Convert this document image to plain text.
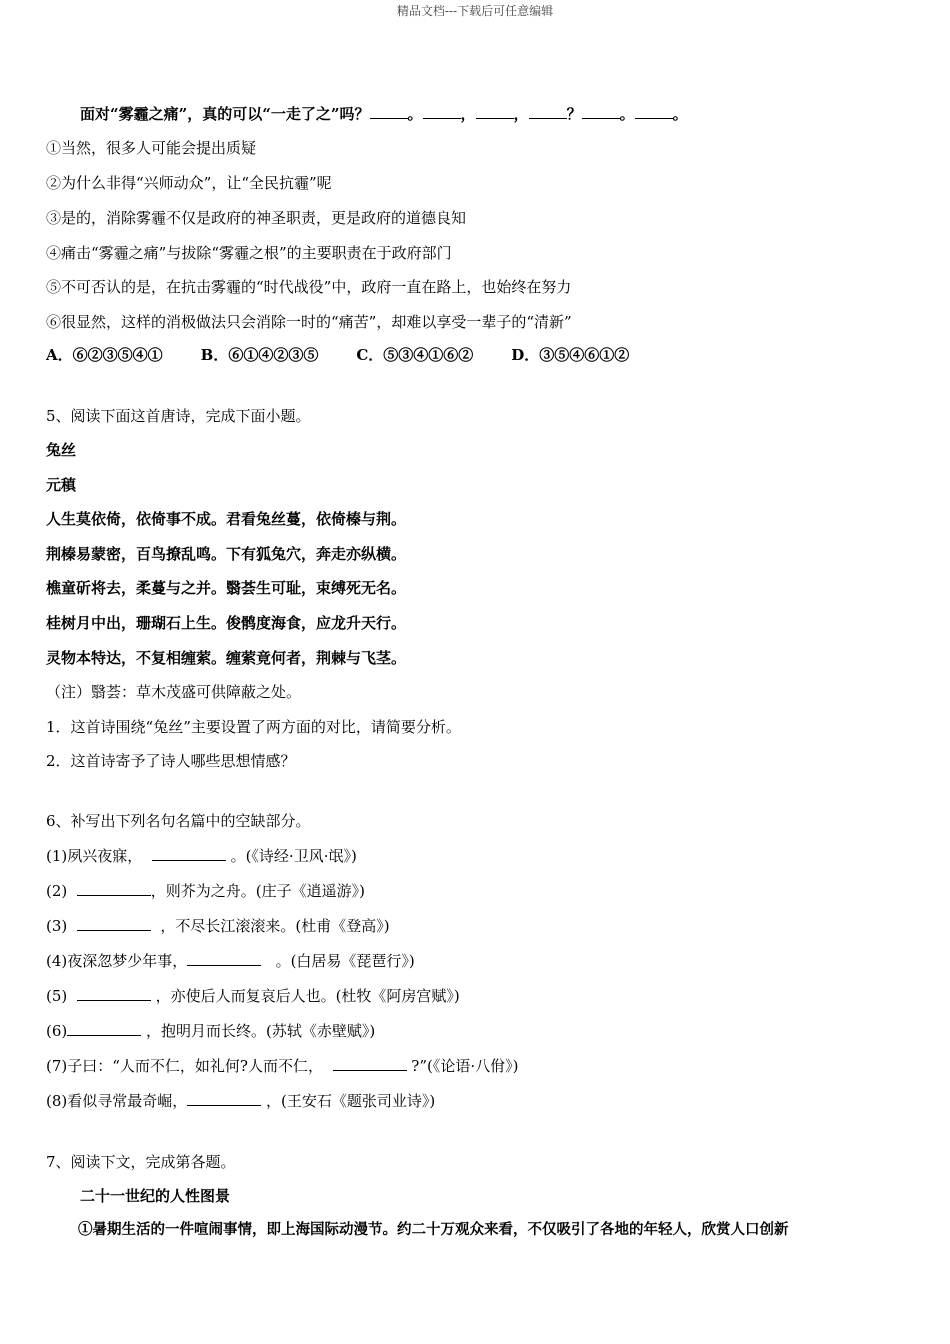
精品文档---下载后可任意编辑
面对“雾霾之痛”，真的可以“一走了之”吗？	。	，	，	？	。	。
①当然，很多人可能会提出质疑
②为什么非得“兴师动众”，让“全民抗霾”呢
③是的，消除雾霾不仅是政府的神圣职责，更是政府的道德良知
④痛击“雾霾之痛”与拔除“雾霾之根”的主要职责在于政府部门
⑤不可否认的是，在抗击雾霾的“时代战役”中，政府一直在路上，也始终在努力
⑥很显然，这样的消极做法只会消除一时的“痛苦”，却难以享受一辈子的“清新”
A．⑥②③⑤④①	B．⑥①④②③⑤	C．⑤③④①⑥②	D．③⑤④⑥①②
5、阅读下面这首唐诗，完成下面小题。
兔丝
元稹
人生莫依倚，依倚事不成。君看兔丝蔓，依倚榛与荆。
荆榛易蒙密，百鸟撩乱鸣。下有狐兔穴，奔走亦纵横。
樵童斫将去，柔蔓与之并。翳荟生可耻，束缚死无名。
桂树月中出，珊瑚石上生。俊鹘度海食，应龙升天行。
灵物本特达，不复相缠萦。缠萦竟何者，荆棘与飞茎。
（注）翳荟：草木茂盛可供障蔽之处。
1．这首诗围绕“兔丝”主要设置了两方面的对比，请简要分析。
2．这首诗寄予了诗人哪些思想情感？
6、补写出下列名句名篇中的空缺部分。
(1)夙兴夜寐，	。(《诗经·卫风·氓》)
(2)	，则芥为之舟。(庄子《逍遥游》)
(3)	，不尽长江滚滚来。(杜甫《登高》)
(4)夜深忽梦少年事，	。(白居易《琵琶行》)
(5)	，亦使后人而复哀后人也。(杜牧《阿房宫赋》)
(6)	，抱明月而长终。(苏轼《赤壁赋》)
(7)子曰：“人而不仁，如礼何?人而不仁，	?”(《论语·八佾》)
(8)看似寻常最奇崛，	，(王安石《题张司业诗》)
7、阅读下文，完成第各题。
二十一世纪的人性图景
①暑期生活的一件喧闹事情，即上海国际动漫节。约二十万观众来看，不仅吸引了各地的年轻人，欣赏人口创新
